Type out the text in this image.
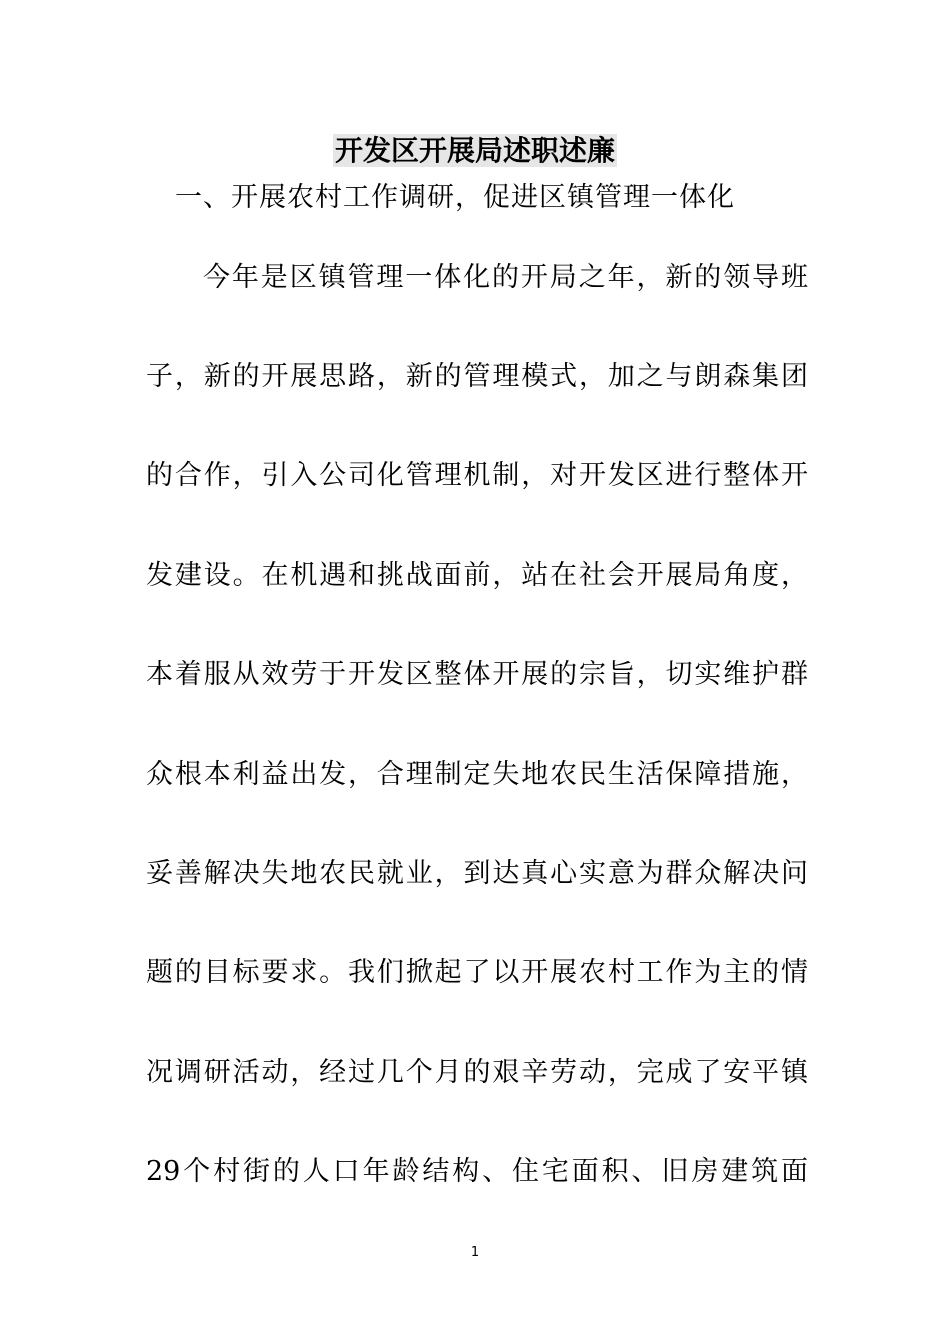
开发区开展局述职述廉
一、开展农村工作调研，促进区镇管理一体化
今年是区镇管理一体化的开局之年，新的领导班
子，新的开展思路，新的管理模式，加之与朗森集团
的合作，引入公司化管理机制，对开发区进行整体开
发建设。在机遇和挑战面前，站在社会开展局角度，
本着服从效劳于开发区整体开展的宗旨，切实维护群
众根本利益出发，合理制定失地农民生活保障措施，
妥善解决失地农民就业，到达真心实意为群众解决问
题的目标要求。我们掀起了以开展农村工作为主的情
况调研活动，经过几个月的艰辛劳动，完成了安平镇
29个村街的人口年龄结构、住宅面积、旧房建筑面
1
